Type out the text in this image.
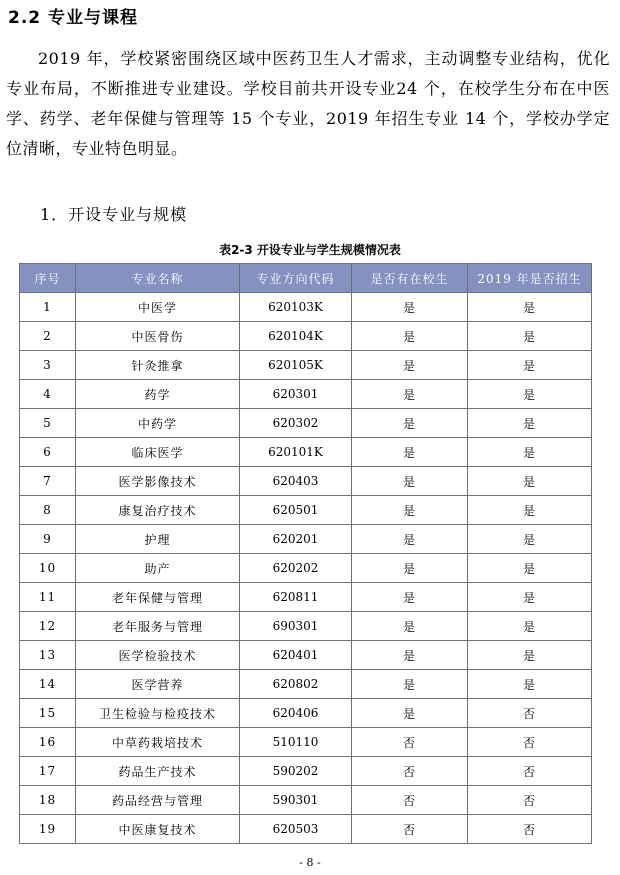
2.2 专业与课程

2019 年，学校紧密围绕区域中医药卫生人才需求，主动调整专业结构，优化专业布局，不断推进专业建设。学校目前共开设专业24 个，在校学生分布在中医学、药学、老年保健与管理等 15 个专业，2019 年招生专业 14 个，学校办学定位清晰，专业特色明显。

1．开设专业与规模

表2-3 开设专业与学生规模情况表

序号	专业名称	专业方向代码	是否有在校生	2019 年是否招生
1	中医学	620103K	是	是
2	中医骨伤	620104K	是	是
3	针灸推拿	620105K	是	是
4	药学	620301	是	是
5	中药学	620302	是	是
6	临床医学	620101K	是	是
7	医学影像技术	620403	是	是
8	康复治疗技术	620501	是	是
9	护理	620201	是	是
10	助产	620202	是	是
11	老年保健与管理	620811	是	是
12	老年服务与管理	690301	是	是
13	医学检验技术	620401	是	是
14	医学营养	620802	是	是
15	卫生检验与检疫技术	620406	是	否
16	中草药栽培技术	510110	否	否
17	药品生产技术	590202	否	否
18	药品经营与管理	590301	否	否
19	中医康复技术	620503	否	否

- 8 -
